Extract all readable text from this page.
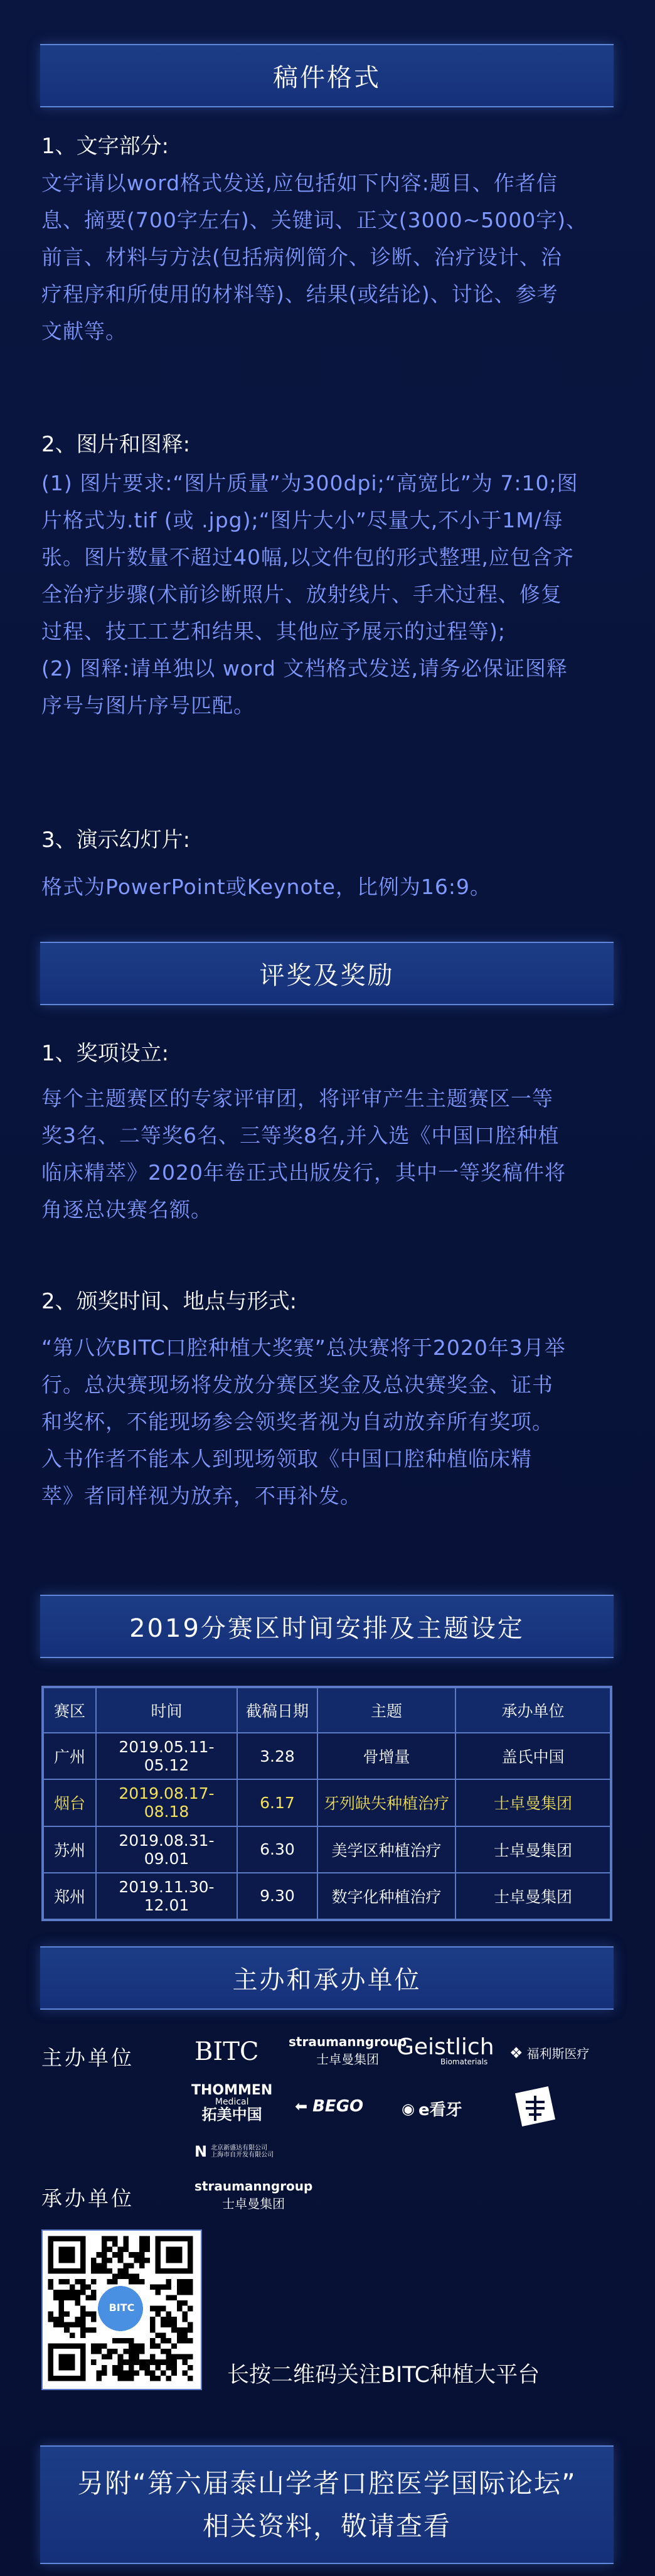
稿件格式
1、文字部分:

文字请以word格式发送,应包括如下内容:题目、作者信

息、摘要(700字左右)、关键词、正文(3000~5000字)、

前言、材料与方法(包括病例简介、诊断、治疗设计、治

疗程序和所使用的材料等)、结果(或结论)、讨论、参考

文献等。

2、图片和图释:

(1) 图片要求:“图片质量”为300dpi;“高宽比”为 7:10;图

片格式为.tif (或 .jpg);“图片大小”尽量大,不小于1M/每

张。图片数量不超过40幅,以文件包的形式整理,应包含齐

全治疗步骤(术前诊断照片、放射线片、手术过程、修复

过程、技工工艺和结果、其他应予展示的过程等);

(2) 图释:请单独以 word 文档格式发送,请务必保证图释

序号与图片序号匹配。

3、演示幻灯片:

格式为PowerPoint或Keynote，比例为16:9。

评奖及奖励
1、奖项设立:

每个主题赛区的专家评审团，将评审产生主题赛区一等

奖3名、二等奖6名、三等奖8名,并入选《中国口腔种植

临床精萃》2020年卷正式出版发行，其中一等奖稿件将

角逐总决赛名额。

2、颁奖时间、地点与形式:

“第八次BITC口腔种植大奖赛”总决赛将于2020年3月举

行。总决赛现场将发放分赛区奖金及总决赛奖金、证书

和奖杯，不能现场参会领奖者视为自动放弃所有奖项。

入书作者不能本人到现场领取《中国口腔种植临床精

萃》者同样视为放弃，不再补发。

2019分赛区时间安排及主题设定
赛区	时间	截稿日期	主题	承办单位
广州	2019.05.11-05.12	3.28	骨增量	盖氏中国
烟台	2019.08.17-08.18	6.17	牙列缺失种植治疗	士卓曼集团
苏州	2019.08.31-09.01	6.30	美学区种植治疗	士卓曼集团
郑州	2019.11.30-12.01	9.30	数字化种植治疗	士卓曼集团
主办和承办单位
主办单位 BITC straumanngroup
士卓曼集团 Geistlich
Biomaterials
❖ 福利斯医疗
THOMMEN
Medical
拓美中国	⬅ BEGO	◉ e看牙
N 北京新盛达有限公司
上海市自开发有限公司
承办单位	straumanngroup
士卓曼集团
BITC
长按二维码关注BITC种植大平台
另附“第六届泰山学者口腔医学国际论坛”
相关资料，敬请查看
